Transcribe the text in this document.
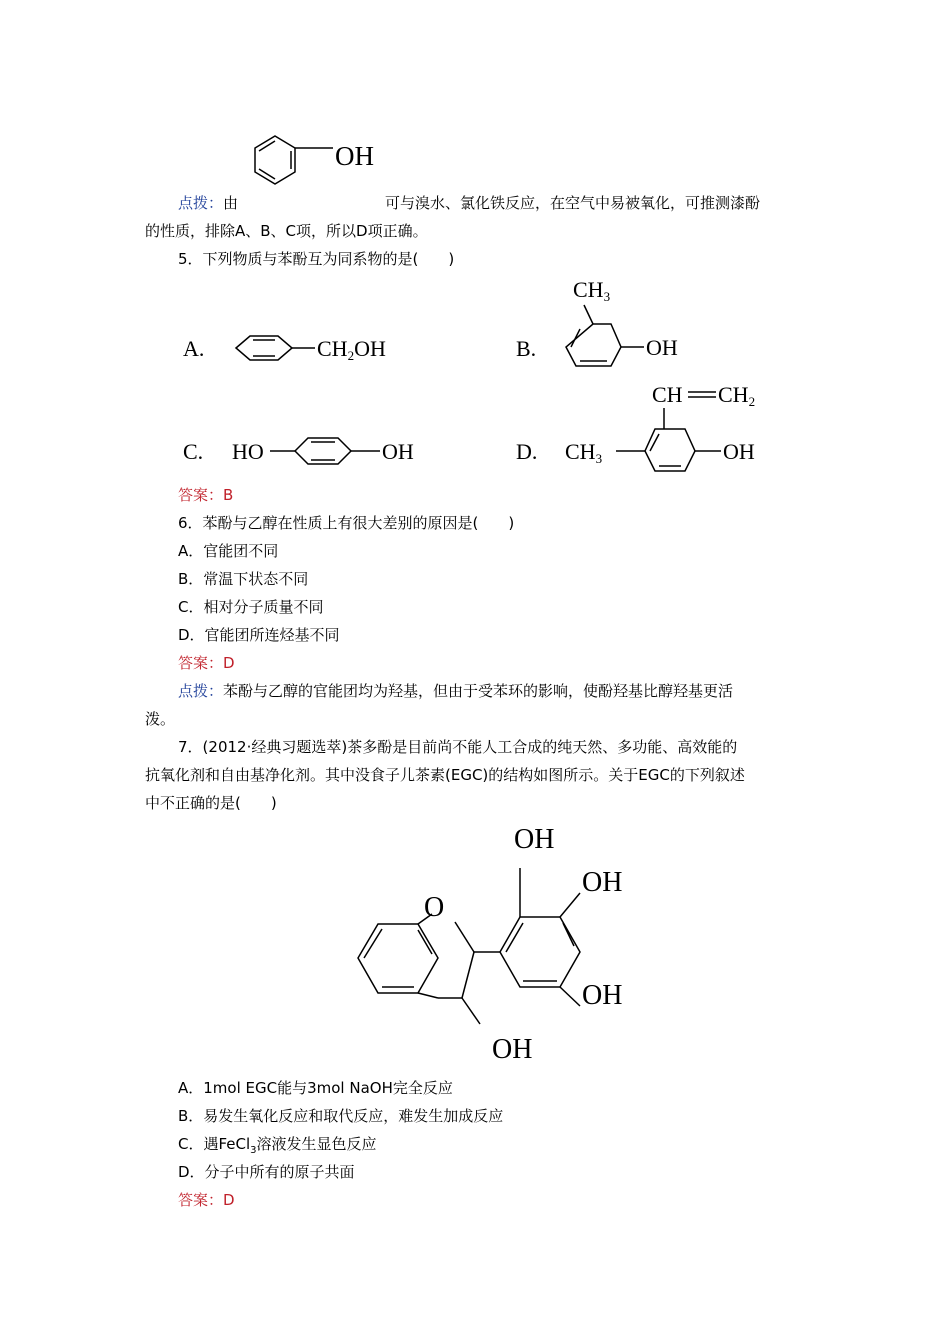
OH
点拨：由	可与溴水、氯化铁反应，在空气中易被氧化，可推测漆酚
的性质，排除A、B、C项，所以D项正确。
5．下列物质与苯酚互为同系物的是(　　)
A.	CH2OH	B.
CH3
OH
C. HO	OH	D.
CH CH2
CH3	OH
答案：B
6．苯酚与乙醇在性质上有很大差别的原因是(　　)
A．官能团不同
B．常温下状态不同
C．相对分子质量不同
D．官能团所连烃基不同
答案：D
点拨：苯酚与乙醇的官能团均为羟基，但由于受苯环的影响，使酚羟基比醇羟基更活
泼。
7．(2012·经典习题选萃)茶多酚是目前尚不能人工合成的纯天然、多功能、高效能的
抗氧化剂和自由基净化剂。其中没食子儿茶素(EGC)的结构如图所示。关于EGC的下列叙述
中不正确的是(　　)
O
OH
OH
OH
OH
A．1mol EGC能与3mol NaOH完全反应
B．易发生氧化反应和取代反应，难发生加成反应
C．遇FeCl$_3$溶液发生显色反应
D．分子中所有的原子共面
答案：D
